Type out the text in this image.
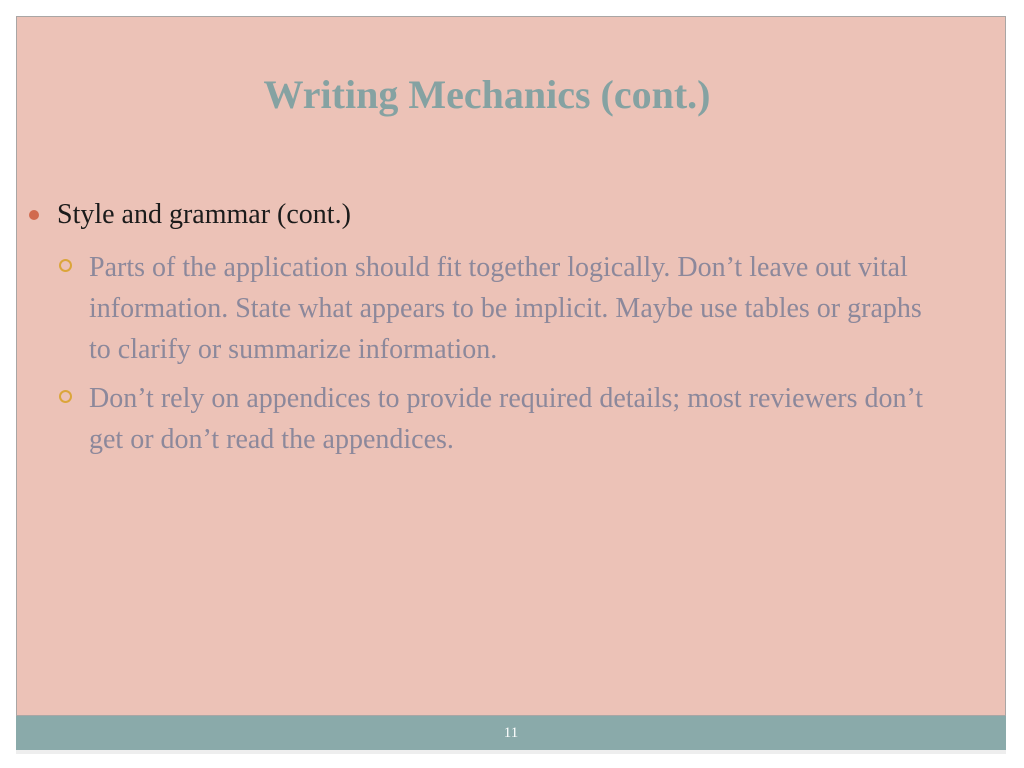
Writing Mechanics (cont.)
Style and grammar (cont.)
Parts of the application should fit together logically. Don’t leave out vital information. State what appears to be implicit. Maybe use tables or graphs to clarify or summarize information.
Don’t rely on appendices to provide required details; most reviewers don’t get or don’t read the appendices.
11
